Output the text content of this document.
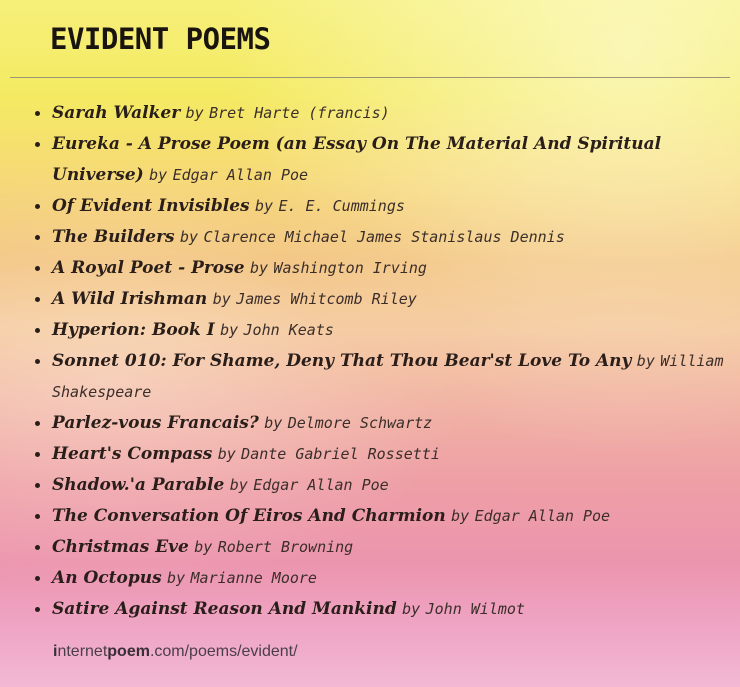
EVIDENT POEMS
Sarah Walker by Bret Harte (francis)
Eureka - A Prose Poem (an Essay On The Material And Spiritual Universe) by Edgar Allan Poe
Of Evident Invisibles by E. E. Cummings
The Builders by Clarence Michael James Stanislaus Dennis
A Royal Poet - Prose by Washington Irving
A Wild Irishman by James Whitcomb Riley
Hyperion: Book I by John Keats
Sonnet 010: For Shame, Deny That Thou Bear'st Love To Any by William Shakespeare
Parlez-vous Francais? by Delmore Schwartz
Heart's Compass by Dante Gabriel Rossetti
Shadow.'a Parable by Edgar Allan Poe
The Conversation Of Eiros And Charmion by Edgar Allan Poe
Christmas Eve by Robert Browning
An Octopus by Marianne Moore
Satire Against Reason And Mankind by John Wilmot
internetpoem.com/poems/evident/
